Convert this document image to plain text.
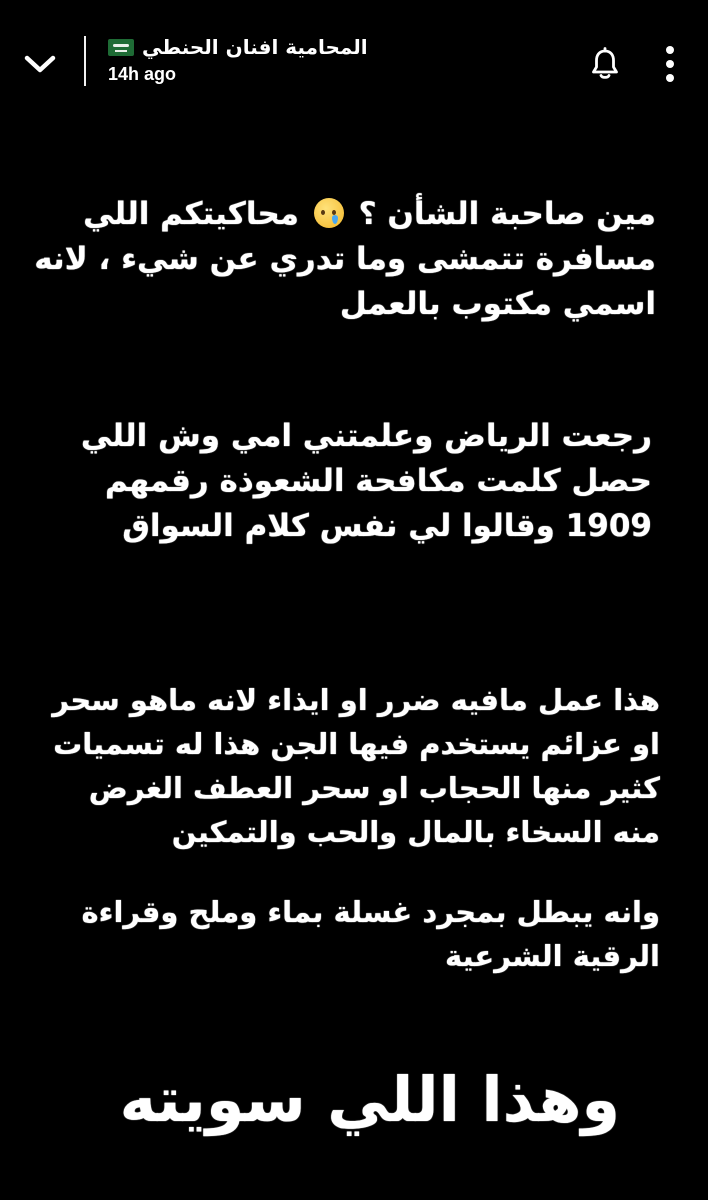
المحامية افنان الحنطي
14h ago
مين صاحبة الشأن ؟  محاكيتكم اللي
مسافرة تتمشى وما تدري عن شيء ، لانه
اسمي مكتوب بالعمل
رجعت الرياض وعلمتني امي وش اللي
حصل كلمت مكافحة الشعوذة رقمهم
1909 وقالوا لي نفس كلام السواق
هذا عمل مافيه ضرر او ايذاء لانه ماهو سحر
او عزائم يستخدم فيها الجن هذا له تسميات
كثير منها الحجاب او سحر العطف الغرض
منه السخاء بالمال والحب والتمكين
وانه يبطل بمجرد غسلة بماء وملح وقراءة
الرقية الشرعية
وهذا اللي سويته
